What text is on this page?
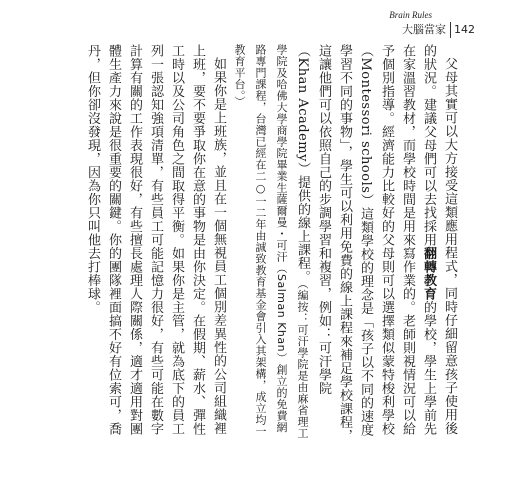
Brain Rules
大腦當家 142

父母其實可以大方接受這類應用程式，同時仔細留意孩子使用後的狀況。建議父母們可以去找採用翻轉教育的學校，學生上學前先在家溫習教材，而學校時間是用來寫作業的。老師則視情況可以給予個別指導。經濟能力比較好的父母則可以選擇類似蒙特梭利學校（Montessori schools）這類學校的理念是「孩子以不同的速度學習不同的事物」，學生可以利用免費的線上課程來補足學校課程，這讓他們可以依照自己的步調學習和複習，例如：可汗學院（Khan Academy）提供的線上課程。（編按：可汗學院是由麻省理工學院及哈佛大學商學院畢業生薩爾曼・可汗（Salman Khan）創立的免費網路專門課程，台灣已經在二○一二年由誠致教育基金會引入其架構，成立均一教育平台。）

如果你是上班族，並且在一個無視員工個別差異性的公司組織裡上班，要不要爭取你在意的事物是由你決定。在假期、薪水、彈性工時以及公司角色之間取得平衡。如果你是主管，就為底下的員工列一張認知強項清單，有些員工可能記憶力很好，有些可能在數字計算有關的工作表現很好，有些擅長處理人際關係，適才適用對團體生產力來說是很重要的關鍵。你的團隊裡面搞不好有位索可，喬丹，但你卻沒發現，因為你只叫他去打棒球。
